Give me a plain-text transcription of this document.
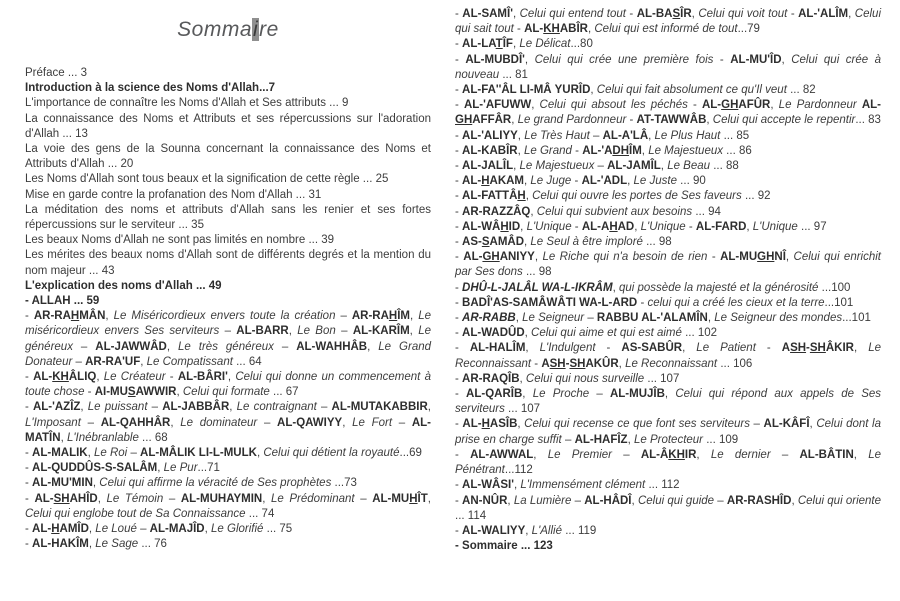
Sommaire
Préface ... 3
Introduction à la science des Noms d'Allah...7
L'importance de connaître les Noms d'Allah et Ses attributs ... 9
La connaissance des Noms et Attributs et ses répercussions sur l'adoration d'Allah ... 13
La voie des gens de la Sounna concernant la connaissance des Noms et Attributs d'Allah ... 20
Les Noms d'Allah sont tous beaux et la signification de cette règle ... 25
Mise en garde contre la profanation des Nom d'Allah ... 31
La méditation des noms et attributs d'Allah sans les renier et ses fortes répercussions sur le serviteur ... 35
Les beaux Noms d'Allah ne sont pas limités en nombre ... 39
Les mérites des beaux noms d'Allah sont de différents degrés et la mention du nom majeur ... 43
L'explication des noms d'Allah ... 49
- ALLAH ... 59
- AR-RAHMÂN, Le Miséricordieux envers toute la création – AR-RAHÎM, Le miséricordieux envers Ses serviteurs – AL-BARR, Le Bon – AL-KARÎM, Le généreux – AL-JAWWÂD, Le très généreux – AL-WAHHÂB, Le Grand Donateur – AR-RA'UF, Le Compatissant ... 64
- AL-KHÂLIQ, Le Créateur - AL-BÂRI', Celui qui donne un commencement à toute chose - AI-MUSAWWIR, Celui qui formate ... 67
- AL-'AZÎZ, Le puissant – AL-JABBÂR, Le contraignant – AL-MUTAKABBIR, L'Imposant – AL-QAHHÂR, Le dominateur – AL-QAWIYY, Le Fort – AL-MATÎN, L'Inébranlable ... 68
- AL-MALIK, Le Roi – AL-MÂLIK LI-L-MULK, Celui qui détient la royauté...69
- AL-QUDDÛS-S-SALÂM, Le Pur...71
- AL-MU'MIN, Celui qui affirme la véracité de Ses prophètes ...73
- AL-SHAHÎD, Le Témoin – AL-MUHAYMIN, Le Prédominant – AL-MUHÎT, Celui qui englobe tout de Sa Connaissance ... 74
- AL-HAMÎD, Le Loué – AL-MAJÎD, Le Glorifié ... 75
- AL-HAKÎM, Le Sage ... 76
- AL-SAMÎ', Celui qui entend tout - AL-BASÎR, Celui qui voit tout - AL-'ALÎM, Celui qui sait tout - AL-KHABÎR, Celui qui est informé de tout...79
- AL-LATÎF, Le Délicat...80
- AL-MUBDÎ', Celui qui crée une première fois - AL-MU'ÎD, Celui qui crée à nouveau ... 81
- AL-FA''ÂL LI-MÂ YURÎD, Celui qui fait absolument ce qu'Il veut ... 82
- AL-'AFUWW, Celui qui absout les péchés - AL-GHAFÛR, Le Pardonneur AL-GHAFFÂR, Le grand Pardonneur - AT-TAWWÂB, Celui qui accepte le repentir... 83
- AL-'ALIYY, Le Très Haut – AL-A'LÂ, Le Plus Haut ... 85
- AL-KABÎR, Le Grand - AL-'ADHÎM, Le Majestueux ... 86
- AL-JALÎL, Le Majestueux – AL-JAMÎL, Le Beau ... 88
- AL-HAKAM, Le Juge - AL-'ADL, Le Juste ... 90
- AL-FATTÂH, Celui qui ouvre les portes de Ses faveurs ... 92
- AR-RAZZÂQ, Celui qui subvient aux besoins ... 94
- AL-WÂHID, L'Unique - AL-AHAD, L'Unique - AL-FARD, L'Unique ... 97
- AS-SAMÂD, Le Seul à être imploré ... 98
- AL-GHANIYY, Le Riche qui n'a besoin de rien - AL-MUGHNÎ, Celui qui enrichit par Ses dons ... 98
- DHÛ-L-JALÂL WA-L-IKRÂM, qui possède la majesté et la générosité ...100
- BADÎ'AS-SAMÂWÂTI WA-L-ARD - celui qui a créé les cieux et la terre...101
- AR-RABB, Le Seigneur – RABBU AL-'ALAMÎN, Le Seigneur des mondes...101
- AL-WADÛD, Celui qui aime et qui est aimé ... 102
- AL-HALÎM, L'Indulgent - AS-SABÛR, Le Patient - ASH-SHÂKIR, Le Reconnaissant - ASH-SHAKÛR, Le Reconnaissant ... 106
- AR-RAQÎB, Celui qui nous surveille ... 107
- AL-QARÎB, Le Proche – AL-MUJÎB, Celui qui répond aux appels de Ses serviteurs ... 107
- AL-HASÎB, Celui qui recense ce que font ses serviteurs – AL-KÂFÎ, Celui dont la prise en charge suffit – AL-HAFÎZ, Le Protecteur ... 109
- AL-AWWAL, Le Premier – AL-ÂKHIR, Le dernier – AL-BÂTIN, Le Pénétrant...112
- AL-WÂSI', L'Immensément clément ... 112
- AN-NÛR, La Lumière – AL-HÂDÎ, Celui qui guide – AR-RASHÎD, Celui qui oriente ... 114
- AL-WALIYY, L'Allié ... 119
- Sommaire ... 123
